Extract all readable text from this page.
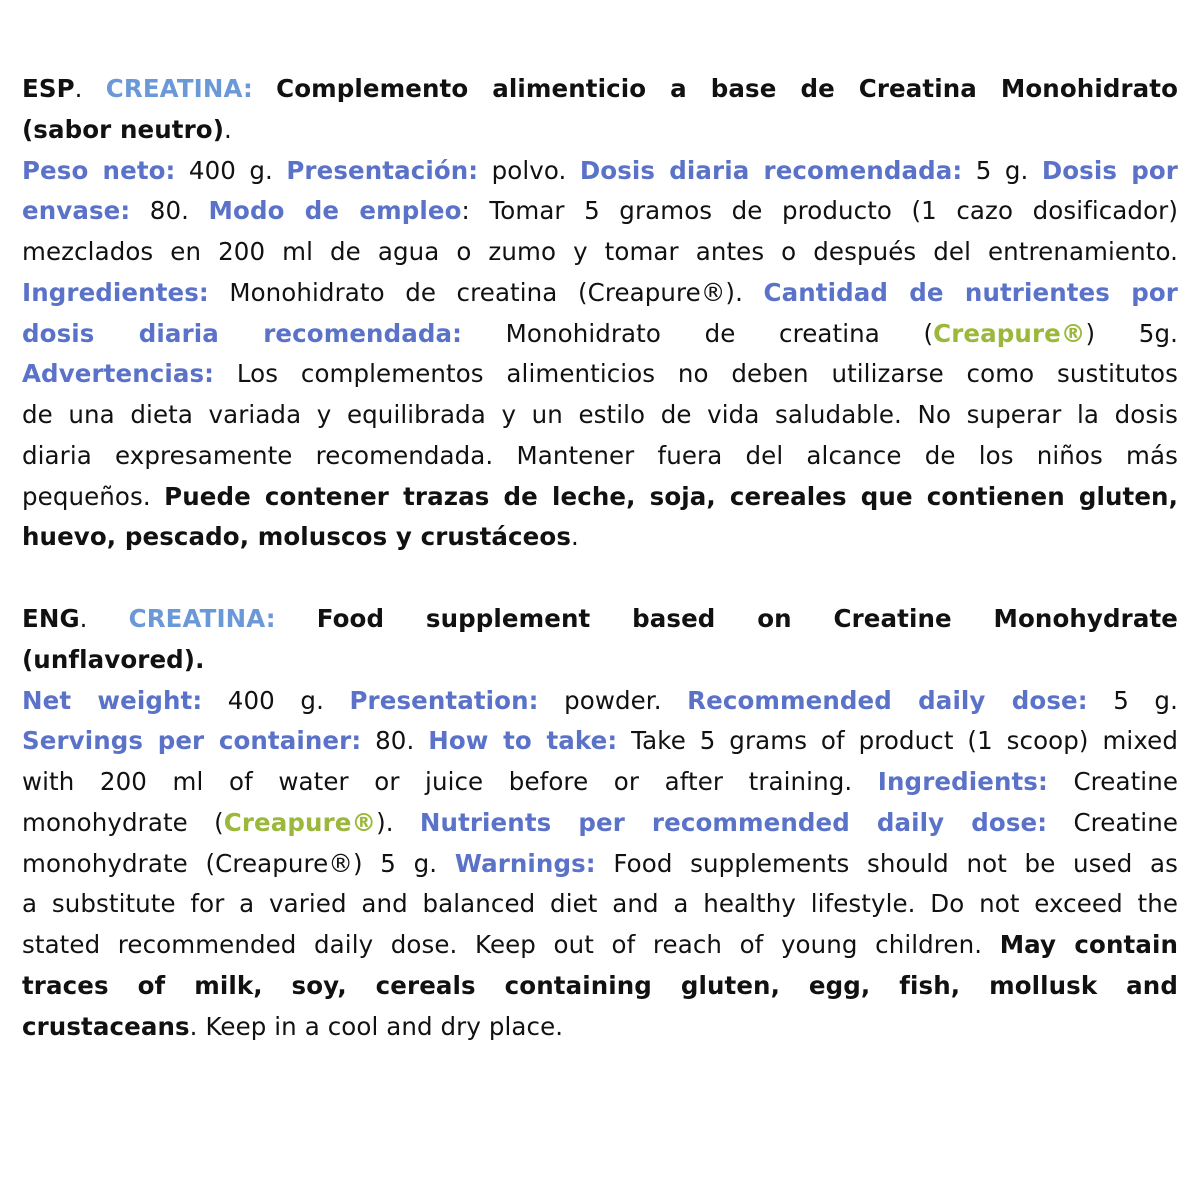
ESP. CREATINA: Complemento alimenticio a base de Creatina Monohidrato
(sabor neutro).
Peso neto: 400 g. Presentación: polvo. Dosis diaria recomendada: 5 g. Dosis por
envase: 80. Modo de empleo: Tomar 5 gramos de producto (1 cazo dosificador)
mezclados en 200 ml de agua o zumo y tomar antes o después del entrenamiento.
Ingredientes: Monohidrato de creatina (Creapure®). Cantidad de nutrientes por
dosis diaria recomendada: Monohidrato de creatina (Creapure®) 5g.
Advertencias: Los complementos alimenticios no deben utilizarse como sustitutos
de una dieta variada y equilibrada y un estilo de vida saludable. No superar la dosis
diaria expresamente recomendada. Mantener fuera del alcance de los niños más
pequeños. Puede contener trazas de leche, soja, cereales que contienen gluten,
huevo, pescado, moluscos y crustáceos.
ENG. CREATINA: Food supplement based on Creatine Monohydrate
(unflavored).
Net weight: 400 g. Presentation: powder. Recommended daily dose: 5 g.
Servings per container: 80. How to take: Take 5 grams of product (1 scoop) mixed
with 200 ml of water or juice before or after training. Ingredients: Creatine
monohydrate (Creapure®). Nutrients per recommended daily dose: Creatine
monohydrate (Creapure®) 5 g. Warnings: Food supplements should not be used as
a substitute for a varied and balanced diet and a healthy lifestyle. Do not exceed the
stated recommended daily dose. Keep out of reach of young children. May contain
traces of milk, soy, cereals containing gluten, egg, fish, mollusk and
crustaceans. Keep in a cool and dry place.
